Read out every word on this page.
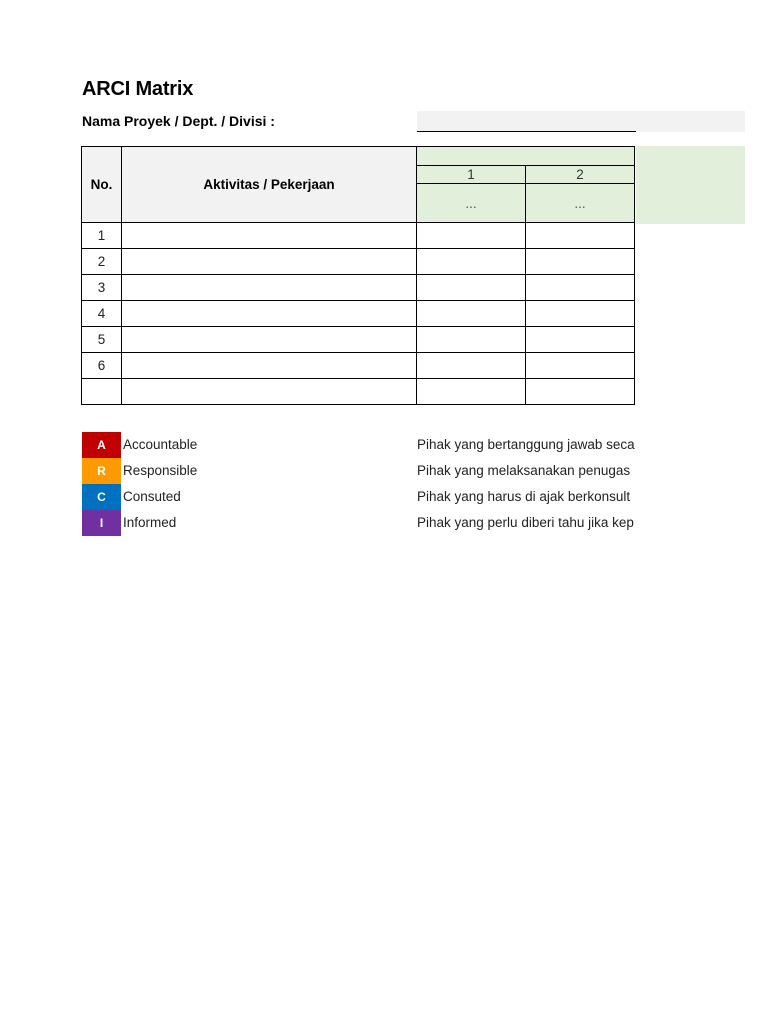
ARCI Matrix
Nama Proyek / Dept. / Divisi :
No.	Aktivitas / Pekerjaan		
		1	2
		...	...
1			
2			
3			
4			
5			
6			

A	Accountable	Pihak yang bertanggung jawab seca
R	Responsible	Pihak yang melaksanakan penugas
C	Consuted	Pihak yang harus di ajak berkonsult
I	Informed	Pihak yang perlu diberi tahu jika kep
